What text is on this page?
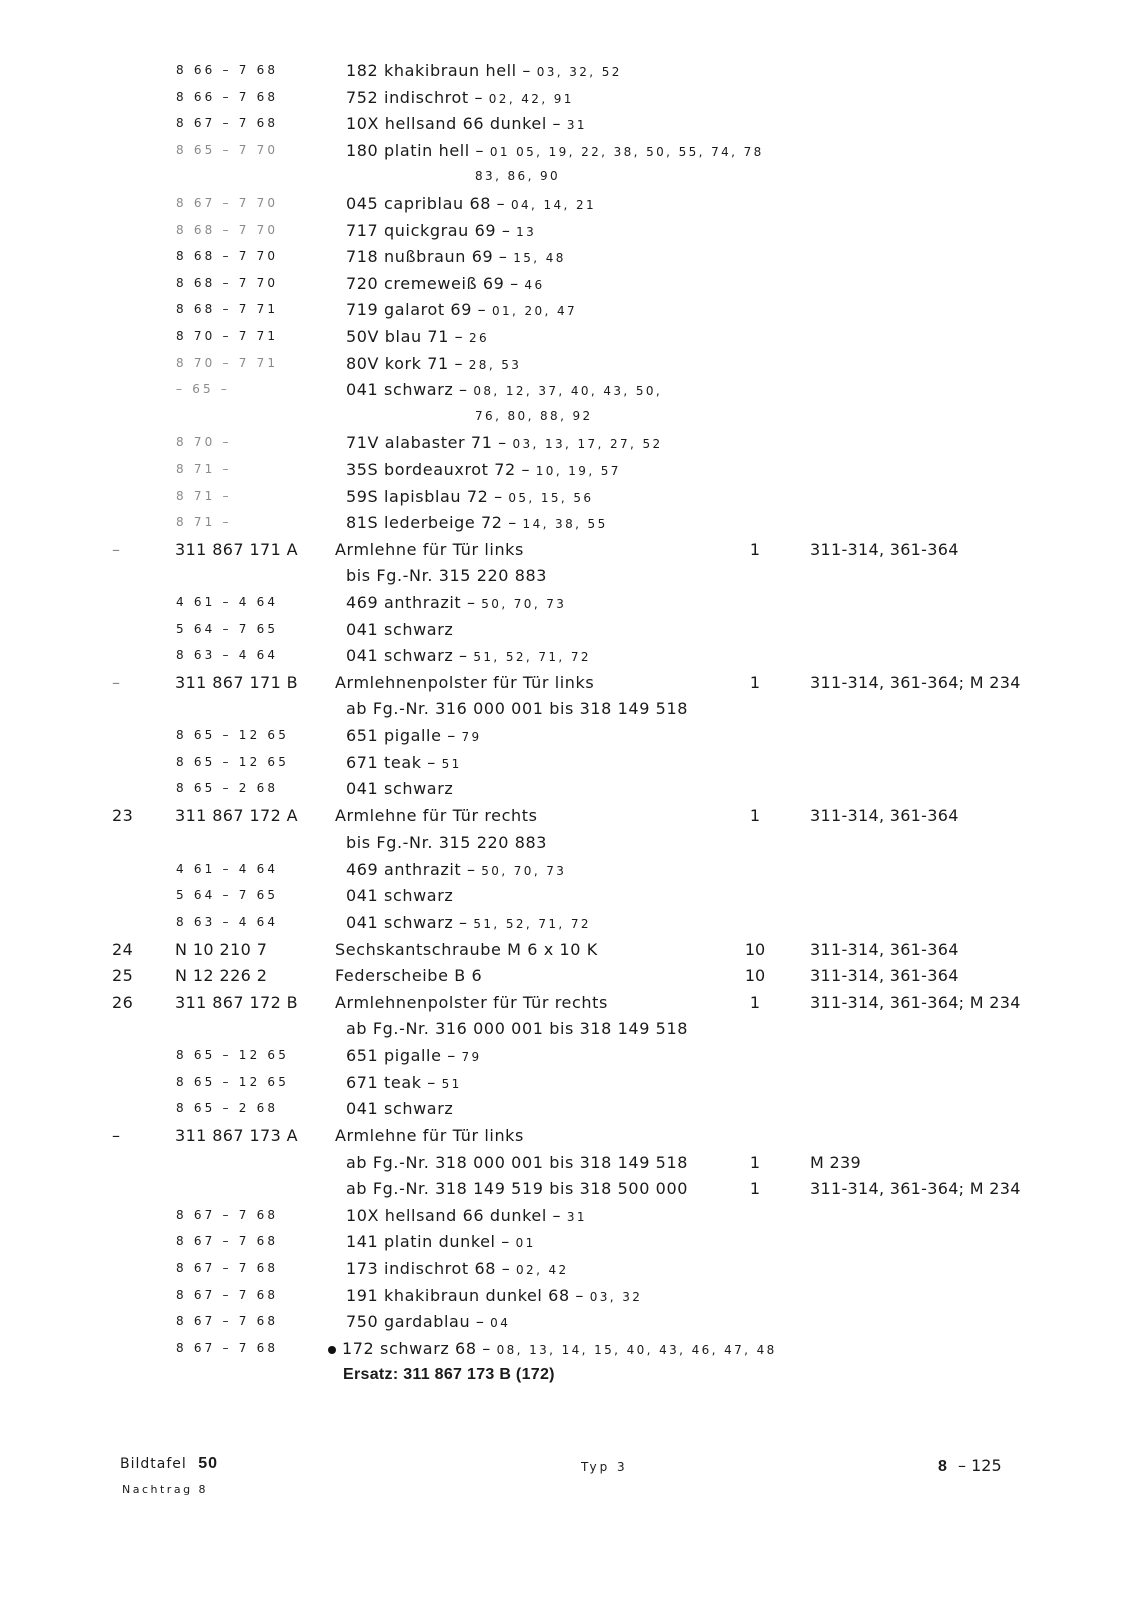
8 66 – 7 68	182 khakibraun hell – 03, 32, 52
8 66 – 7 68	752 indischrot – 02, 42, 91
8 67 – 7 68	10X hellsand 66 dunkel – 31
8 65 – 7 70	180 platin hell – 01 05, 19, 22, 38, 50, 55, 74, 78
83, 86, 90
8 67 – 7 70	045 capriblau 68 – 04, 14, 21
8 68 – 7 70	717 quickgrau 69 – 13
8 68 – 7 70	718 nußbraun 69 – 15, 48
8 68 – 7 70	720 cremeweiß 69 – 46
8 68 – 7 71	719 galarot 69 – 01, 20, 47
8 70 – 7 71	50V blau 71 – 26
8 70 – 7 71	80V kork 71 – 28, 53
– 65 –	041 schwarz – 08, 12, 37, 40, 43, 50,
76, 80, 88, 92
8 70 –	71V alabaster 71 – 03, 13, 17, 27, 52
8 71 –	35S bordeauxrot 72 – 10, 19, 57
8 71 –	59S lapisblau 72 – 05, 15, 56
8 71 –	81S lederbeige 72 – 14, 38, 55
–	311 867 171 A Armlehne für Tür links	1	311-314, 361-364
bis Fg.-Nr. 315 220 883
4 61 – 4 64	469 anthrazit – 50, 70, 73
5 64 – 7 65	041 schwarz
8 63 – 4 64	041 schwarz – 51, 52, 71, 72
–	311 867 171 B Armlehnenpolster für Tür links	1	311-314, 361-364; M 234
ab Fg.-Nr. 316 000 001 bis 318 149 518
8 65 – 12 65	651 pigalle – 79
8 65 – 12 65	671 teak – 51
8 65 – 2 68	041 schwarz
23	311 867 172 A Armlehne für Tür rechts	1	311-314, 361-364
bis Fg.-Nr. 315 220 883
4 61 – 4 64	469 anthrazit – 50, 70, 73
5 64 – 7 65	041 schwarz
8 63 – 4 64	041 schwarz – 51, 52, 71, 72
24	N 10 210 7	Sechskantschraube M 6 x 10 K	10	311-314, 361-364
25	N 12 226 2	Federscheibe B 6	10	311-314, 361-364
26	311 867 172 B Armlehnenpolster für Tür rechts	1	311-314, 361-364; M 234
ab Fg.-Nr. 316 000 001 bis 318 149 518
8 65 – 12 65	651 pigalle – 79
8 65 – 12 65	671 teak – 51
8 65 – 2 68	041 schwarz
–	311 867 173 A Armlehne für Tür links
ab Fg.-Nr. 318 000 001 bis 318 149 518	1	M 239
ab Fg.-Nr. 318 149 519 bis 318 500 000	1	311-314, 361-364; M 234
8 67 – 7 68	10X hellsand 66 dunkel – 31
8 67 – 7 68	141 platin dunkel – 01
8 67 – 7 68	173 indischrot 68 – 02, 42
8 67 – 7 68	191 khakibraun dunkel 68 – 03, 32
8 67 – 7 68	750 gardablau – 04
8 67 – 7 68	172 schwarz 68 – 08, 13, 14, 15, 40, 43, 46, 47, 48
Ersatz: 311 867 173 B (172)
Bildtafel 50
Nachtrag 8
Typ 3	8 – 125
